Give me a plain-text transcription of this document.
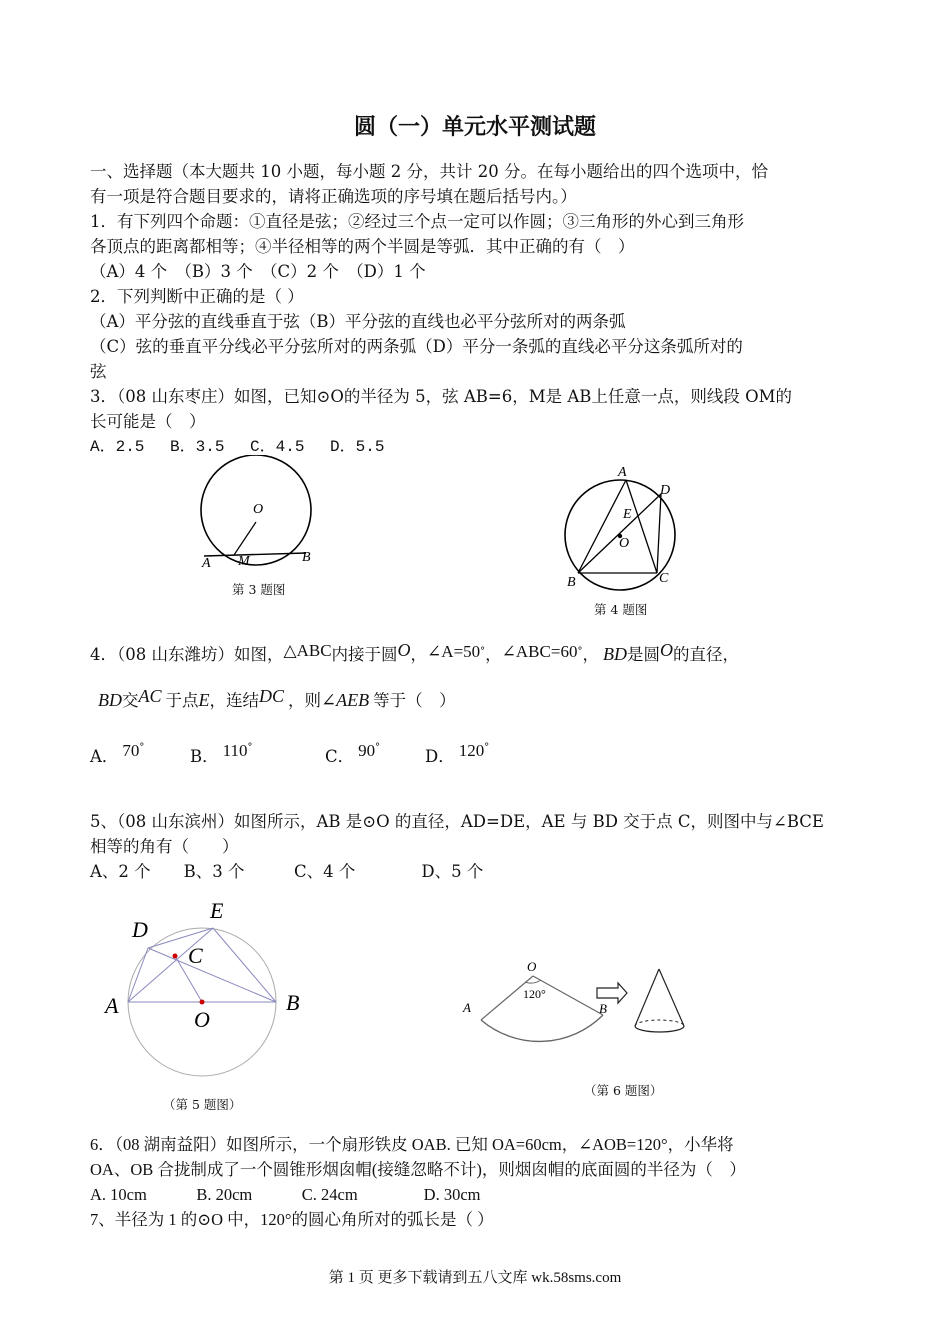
圆（一）单元水平测试题
一、选择题（本大题共 10 小题，每小题 2 分，共计 20 分。在每小题给出的四个选项中，恰
有一项是符合题目要求的，请将正确选项的序号填在题后括号内。）
1．有下列四个命题：①直径是弦；②经过三个点一定可以作圆；③三角形的外心到三角形
各顶点的距离都相等；④半径相等的两个半圆是等弧．其中正确的有（　）
（A）4 个　（B）3 个　（C）2 个　（D）1 个
2．下列判断中正确的是（ ）
（A）平分弦的直线垂直于弦（B）平分弦的直线也必平分弦所对的两条弧
（C）弦的垂直平分线必平分弦所对的两条弧（D）平分一条弧的直线必平分这条弧所对的
弦
3．（08 山东枣庄）如图，已知⊙O的半径为 5，弦 AB=6，M是 AB上任意一点，则线段 OM的
长可能是（　）
A．2.5　 B．3.5　 C．4.5　 D．5.5
O
A M	B
第 3 题图
A
D
E
O
B	C
第 4 题图
4．（08 山东潍坊）如图，△ABC内接于圆O，∠A=50°，∠ABC=60°， BD是圆O的直径，
BD交AC 于点E，连结DC ，则∠AEB 等于（　）
A． 70°	B． 110°	C． 90°	D． 120°
5、（08 山东滨州）如图所示，AB 是⊙O 的直径，AD=DE，AE 与 BD 交于点 C，则图中与∠BCE
相等的角有（　　）
A、2 个　　B、3 个　　　C、4 个　　　　D、5 个
E
D
C
A
O
B
（第 5 题图）
O
120°
A	B
（第 6 题图）
6．（08 湖南益阳）如图所示，一个扇形铁皮 OAB. 已知 OA=60cm，∠AOB=120°，小华将
OA、OB 合拢制成了一个圆锥形烟囱帽(接缝忽略不计)，则烟囱帽的底面圆的半径为（　）
A. 10cm　　　B. 20cm　　　C. 24cm　　　　D. 30cm
7、半径为 1 的⊙O 中，120°的圆心角所对的弧长是（ ）
第 1 页 更多下载请到五八文库 wk.58sms.com
